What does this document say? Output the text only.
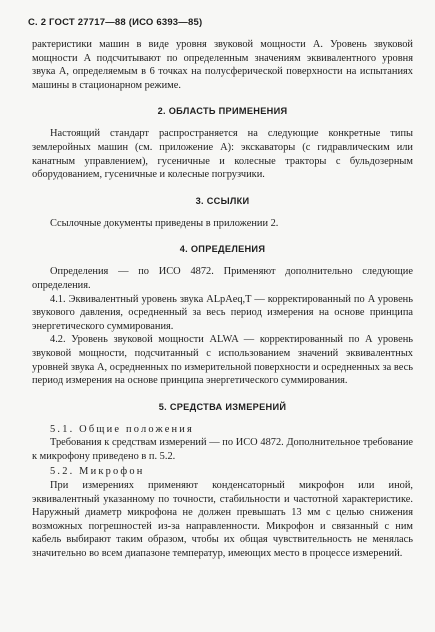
С. 2 ГОСТ 27717—88 (ИСО 6393—85)

рактеристики машин в виде уровня звуковой мощности A. Уровень звуковой мощности A подсчитывают по определенным значениям эквивалентного уровня звука A, определяемым в 6 точках на полусферической поверхности на испытаниях машины в стационарном режиме.

2. ОБЛАСТЬ ПРИМЕНЕНИЯ

Настоящий стандарт распространяется на следующие конкретные типы землеройных машин (см. приложение А): экскаваторы (с гидравлическим или канатным управлением), гусеничные и колесные тракторы с бульдозерным оборудованием, гусеничные и колесные погрузчики.

3. ССЫЛКИ

Ссылочные документы приведены в приложении 2.

4. ОПРЕДЕЛЕНИЯ

Определения — по ИСО 4872. Применяют дополнительно следующие определения.

4.1. Эквивалентный уровень звука ALpAeq,T — корректированный по A уровень звукового давления, осредненный за весь период измерения на основе принципа энергетического суммирования.

4.2. Уровень звуковой мощности ALWA — корректированный по A уровень звуковой мощности, подсчитанный с использованием значений эквивалентных уровней звука A, осредненных по измерительной поверхности и осредненных за весь период измерения на основе принципа энергетического суммирования.

5. СРЕДСТВА ИЗМЕРЕНИЙ

5.1. Общие положения

Требования к средствам измерений — по ИСО 4872. Дополнительное требование к микрофону приведено в п. 5.2.

5.2. Микрофон

При измерениях применяют конденсаторный микрофон или иной, эквивалентный указанному по точности, стабильности и частотной характеристике. Наружный диаметр микрофона не должен превышать 13 мм с целью снижения возможных погрешностей из-за направленности. Микрофон и связанный с ним кабель выбирают таким образом, чтобы их общая чувствительность не менялась значительно во всем диапазоне температур, имеющих место в процессе измерений.
